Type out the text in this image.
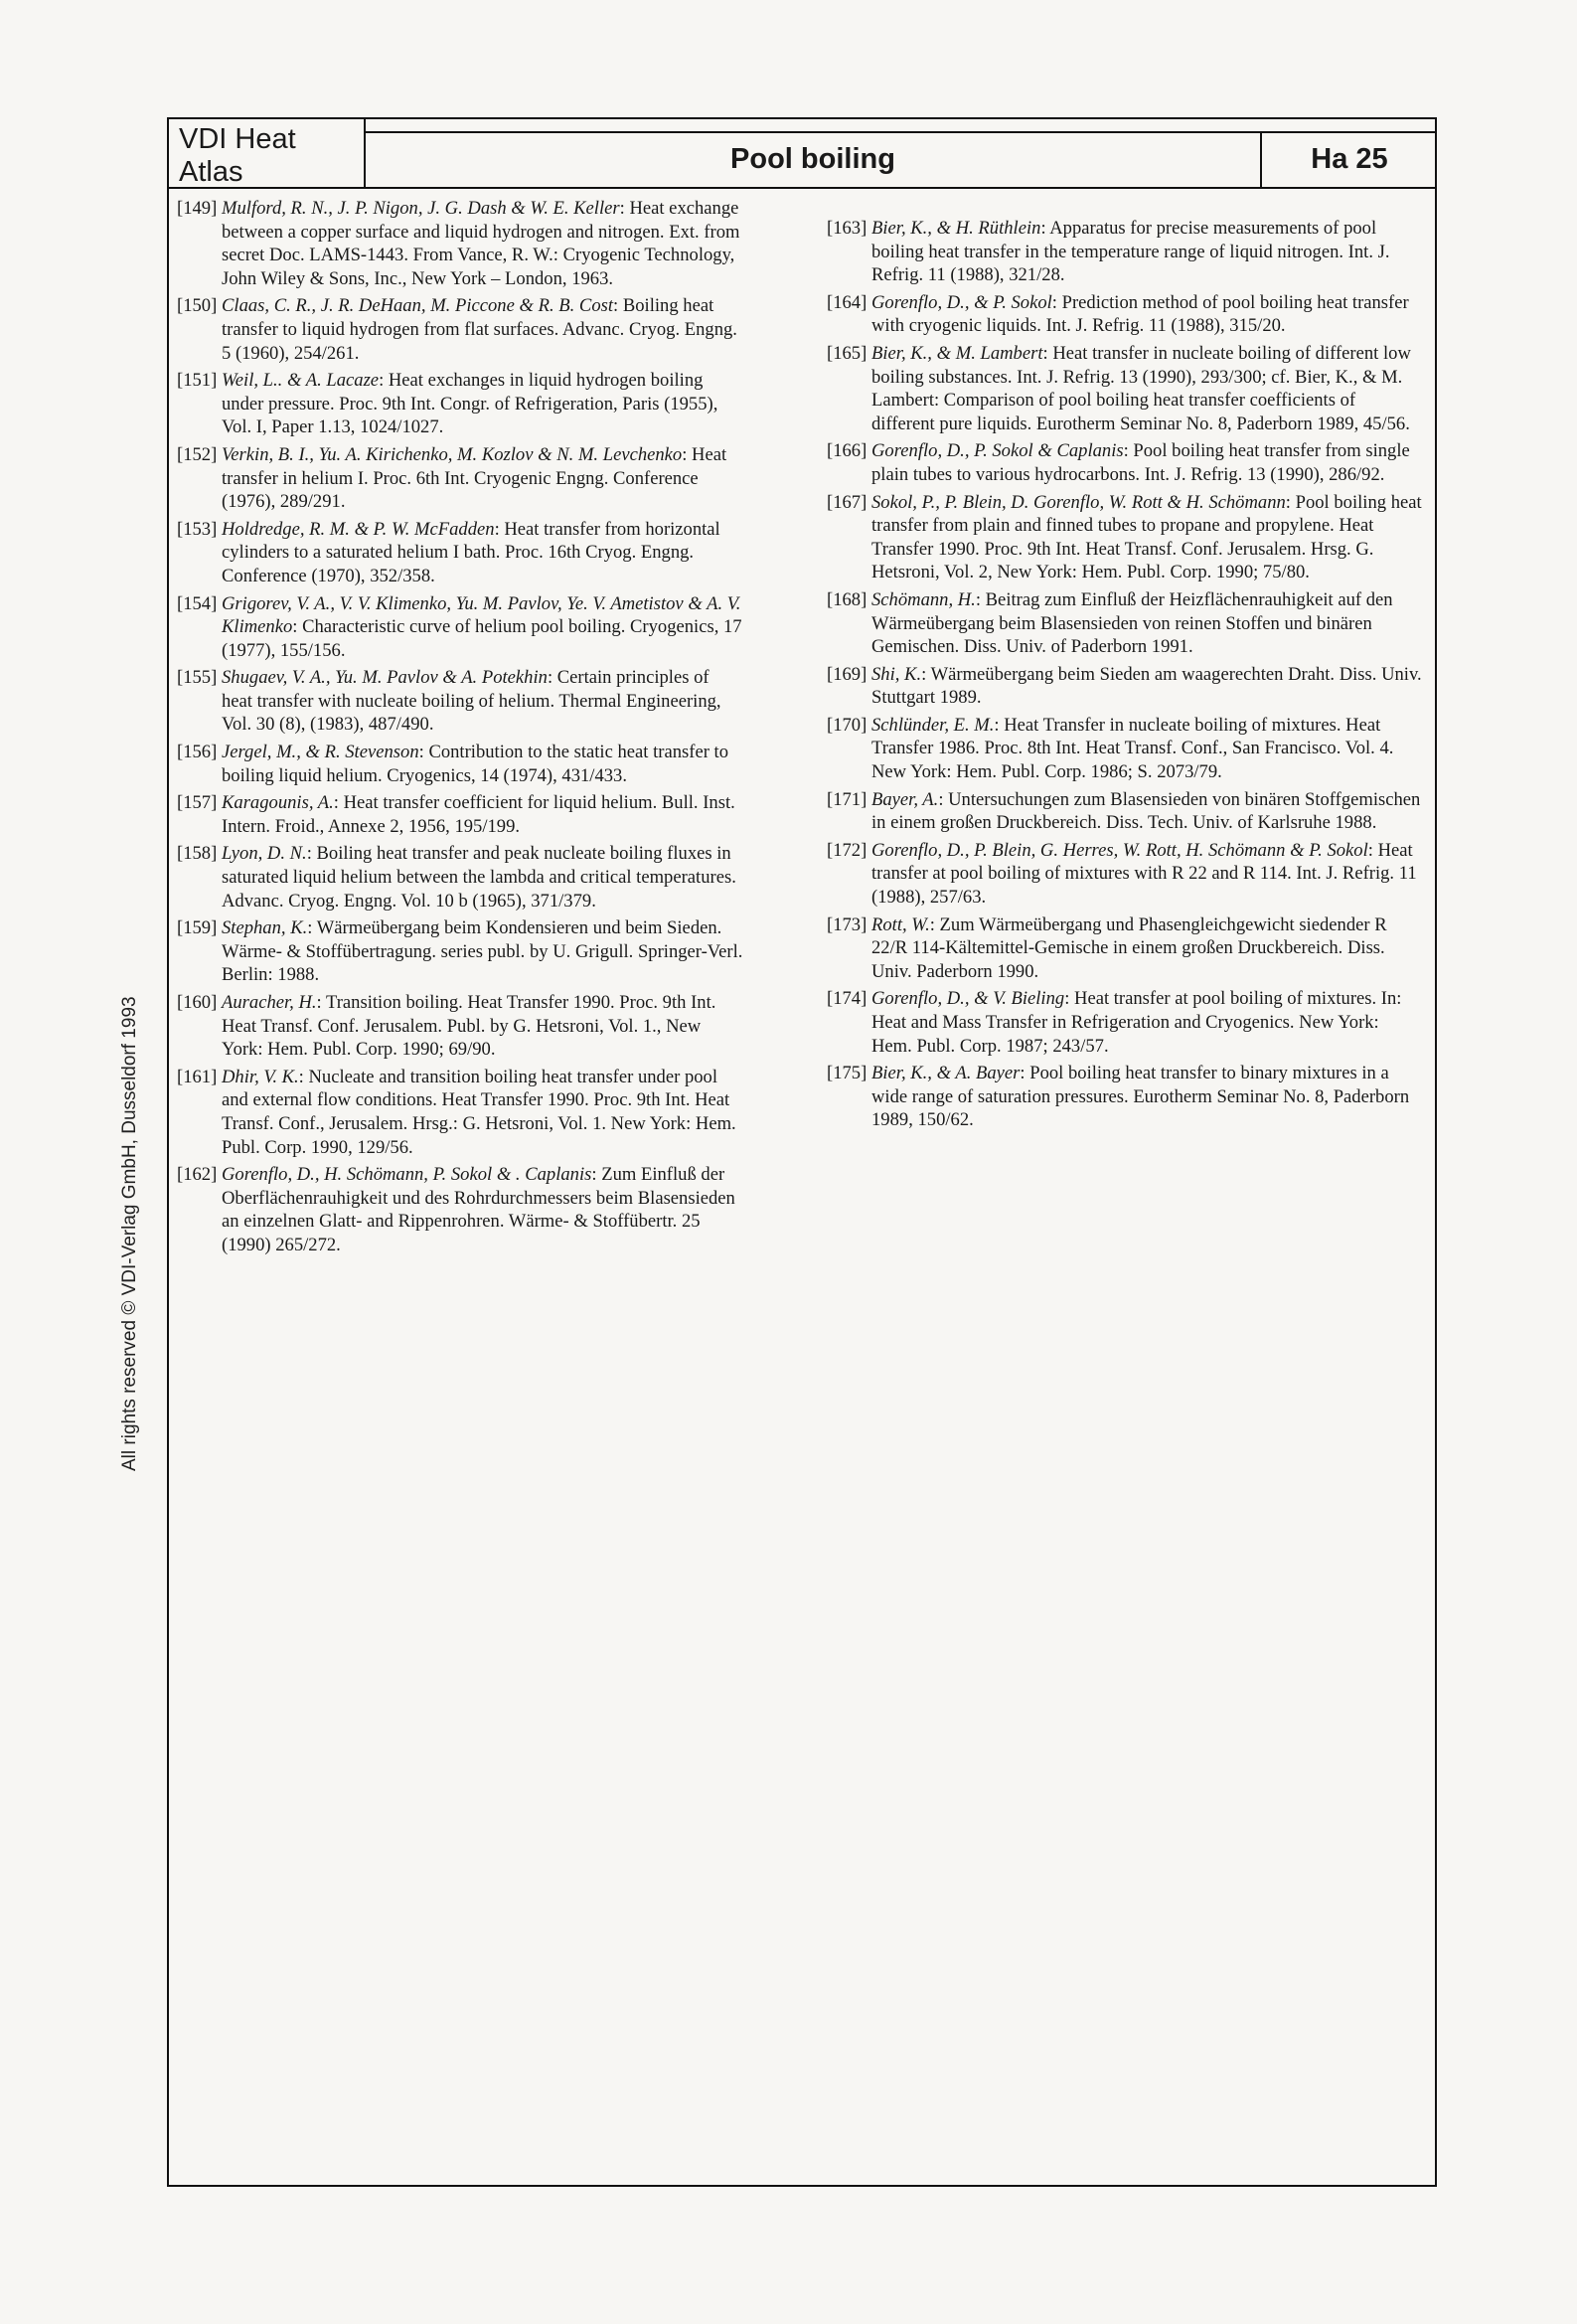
VDI Heat Atlas	Pool boiling	Ha 25
All rights reserved © VDI-Verlag GmbH, Dusseldorf 1993
[149] Mulford, R. N., J. P. Nigon, J. G. Dash & W. E. Keller: Heat exchange between a copper surface and liquid hydrogen and nitrogen. Ext. from secret Doc. LAMS-1443. From Vance, R. W.: Cryogenic Technology, John Wiley & Sons, Inc., New York – London, 1963.
[150] Claas, C. R., J. R. DeHaan, M. Piccone & R. B. Cost: Boiling heat transfer to liquid hydrogen from flat surfaces. Advanc. Cryog. Engng. 5 (1960), 254/261.
[151] Weil, L.. & A. Lacaze: Heat exchanges in liquid hydrogen boiling under pressure. Proc. 9th Int. Congr. of Refrigeration, Paris (1955), Vol. I, Paper 1.13, 1024/1027.
[152] Verkin, B. I., Yu. A. Kirichenko, M. Kozlov & N. M. Levchenko: Heat transfer in helium I. Proc. 6th Int. Cryogenic Engng. Conference (1976), 289/291.
[153] Holdredge, R. M. & P. W. McFadden: Heat transfer from horizontal cylinders to a saturated helium I bath. Proc. 16th Cryog. Engng. Conference (1970), 352/358.
[154] Grigorev, V. A., V. V. Klimenko, Yu. M. Pavlov, Ye. V. Ametistov & A. V. Klimenko: Characteristic curve of helium pool boiling. Cryogenics, 17 (1977), 155/156.
[155] Shugaev, V. A., Yu. M. Pavlov & A. Potekhin: Certain principles of heat transfer with nucleate boiling of helium. Thermal Engineering, Vol. 30 (8), (1983), 487/490.
[156] Jergel, M., & R. Stevenson: Contribution to the static heat transfer to boiling liquid helium. Cryogenics, 14 (1974), 431/433.
[157] Karagounis, A.: Heat transfer coefficient for liquid helium. Bull. Inst. Intern. Froid., Annexe 2, 1956, 195/199.
[158] Lyon, D. N.: Boiling heat transfer and peak nucleate boiling fluxes in saturated liquid helium between the lambda and critical temperatures. Advanc. Cryog. Engng. Vol. 10 b (1965), 371/379.
[159] Stephan, K.: Wärmeübergang beim Kondensieren und beim Sieden. Wärme- & Stoffübertragung. series publ. by U. Grigull. Springer-Verl. Berlin: 1988.
[160] Auracher, H.: Transition boiling. Heat Transfer 1990. Proc. 9th Int. Heat Transf. Conf. Jerusalem. Publ. by G. Hetsroni, Vol. 1., New York: Hem. Publ. Corp. 1990; 69/90.
[161] Dhir, V. K.: Nucleate and transition boiling heat transfer under pool and external flow conditions. Heat Transfer 1990. Proc. 9th Int. Heat Transf. Conf., Jerusalem. Hrsg.: G. Hetsroni, Vol. 1. New York: Hem. Publ. Corp. 1990, 129/56.
[162] Gorenflo, D., H. Schömann, P. Sokol & . Caplanis: Zum Einfluß der Oberflächenrauhigkeit und des Rohrdurchmessers beim Blasensieden an einzelnen Glatt- and Rippenrohren. Wärme- & Stoffübertr. 25 (1990) 265/272.
[163] Bier, K., & H. Rüthlein: Apparatus for precise measurements of pool boiling heat transfer in the temperature range of liquid nitrogen. Int. J. Refrig. 11 (1988), 321/28.
[164] Gorenflo, D., & P. Sokol: Prediction method of pool boiling heat transfer with cryogenic liquids. Int. J. Refrig. 11 (1988), 315/20.
[165] Bier, K., & M. Lambert: Heat transfer in nucleate boiling of different low boiling substances. Int. J. Refrig. 13 (1990), 293/300; cf. Bier, K., & M. Lambert: Comparison of pool boiling heat transfer coefficients of different pure liquids. Eurotherm Seminar No. 8, Paderborn 1989, 45/56.
[166] Gorenflo, D., P. Sokol & Caplanis: Pool boiling heat transfer from single plain tubes to various hydrocarbons. Int. J. Refrig. 13 (1990), 286/92.
[167] Sokol, P., P. Blein, D. Gorenflo, W. Rott & H. Schömann: Pool boiling heat transfer from plain and finned tubes to propane and propylene. Heat Transfer 1990. Proc. 9th Int. Heat Transf. Conf. Jerusalem. Hrsg. G. Hetsroni, Vol. 2, New York: Hem. Publ. Corp. 1990; 75/80.
[168] Schömann, H.: Beitrag zum Einfluß der Heizflächenrauhigkeit auf den Wärmeübergang beim Blasensieden von reinen Stoffen und binären Gemischen. Diss. Univ. of Paderborn 1991.
[169] Shi, K.: Wärmeübergang beim Sieden am waagerechten Draht. Diss. Univ. Stuttgart 1989.
[170] Schlünder, E. M.: Heat Transfer in nucleate boiling of mixtures. Heat Transfer 1986. Proc. 8th Int. Heat Transf. Conf., San Francisco. Vol. 4. New York: Hem. Publ. Corp. 1986; S. 2073/79.
[171] Bayer, A.: Untersuchungen zum Blasensieden von binären Stoffgemischen in einem großen Druckbereich. Diss. Tech. Univ. of Karlsruhe 1988.
[172] Gorenflo, D., P. Blein, G. Herres, W. Rott, H. Schömann & P. Sokol: Heat transfer at pool boiling of mixtures with R 22 and R 114. Int. J. Refrig. 11 (1988), 257/63.
[173] Rott, W.: Zum Wärmeübergang und Phasengleichgewicht siedender R 22/R 114-Kältemittel-Gemische in einem großen Druckbereich. Diss. Univ. Paderborn 1990.
[174] Gorenflo, D., & V. Bieling: Heat transfer at pool boiling of mixtures. In: Heat and Mass Transfer in Refrigeration and Cryogenics. New York: Hem. Publ. Corp. 1987; 243/57.
[175] Bier, K., & A. Bayer: Pool boiling heat transfer to binary mixtures in a wide range of saturation pressures. Eurotherm Seminar No. 8, Paderborn 1989, 150/62.
